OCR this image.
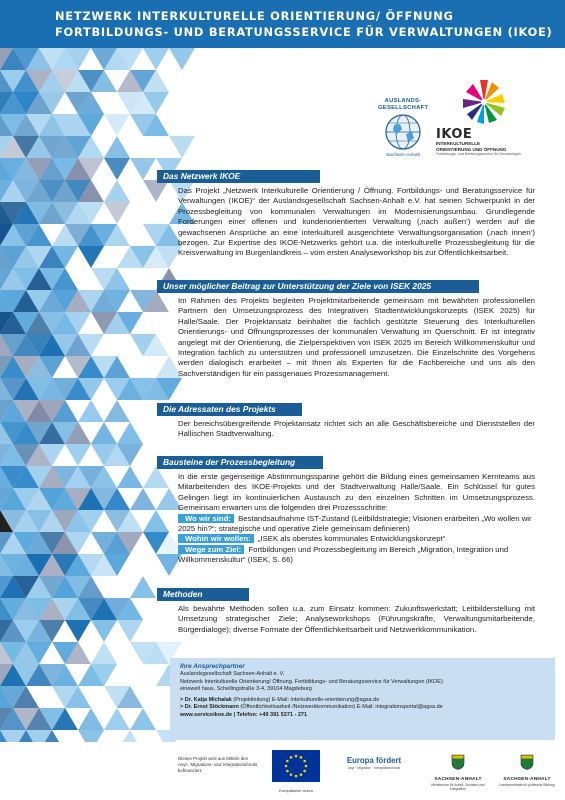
NETZWERK INTERKULTURELLE ORIENTIERUNG/ ÖFFNUNG
FORTBILDUNGS- UND BERATUNGSSERVICE FÜR VERWALTUNGEN (IKOE)
AUSLANDS-GESELLSCHAFT
Sachsen-Anhalt
IKOE
INTERKULTURELLE
ORIENTIERUNG UND ÖFFNUNG
Fortbildungs- und Beratungsservice für Verwaltungen
Das Netzwerk IKOE

Das Projekt „Netzwerk Interkulturelle Orientierung / Öffnung. Fortbildungs- und Beratungsservice für Verwaltungen (IKOE)“ der Auslandsgesellschaft Sachsen-Anhalt e.V. hat seinen Schwerpunkt in der Prozessbegleitung von kommunalen Verwaltungen im Modernisierungsumbau. Grundlegende Forderungen einer offenen und kundenorientierten Verwaltung (‚nach außen‘) werden auf die gewachsenen Ansprüche an eine interkulturell ausgerichtete Verwaltungsorganisation (‚nach innen‘) bezogen. Zur Expertise des IKOE-Netzwerks gehört u.a. die interkulturelle Prozessbegleitung für die Kreisverwaltung im Burgenlandkreis – vom ersten Analyseworkshop bis zur Öffentlichkeitsarbeit.

Unser möglicher Beitrag zur Unterstützung der Ziele von ISEK 2025

Im Rahmen des Projekts begleiten Projektmitarbeitende gemeinsam mit bewährten professionellen Partnern den Umsetzungsprozess des Integrativen Stadtentwicklungskonzepts (ISEK 2025) für Halle/Saale. Der Projektansatz beinhaltet die fachlich gestützte Steuerung des Interkulturellen Orientierungs- und Öffnungsprozesses der kommunalen Verwaltung im Querschnitt. Er ist integrativ angelegt mit der Orientierung, die Zielperspektiven von ISEK 2025 im Bereich Willkommenskultur und Integration fachlich zu unterstützen und professionell umzusetzen. Die Einzelschritte des Vorgehens werden dialogisch erarbeitet – mit Ihnen als Experten für die Fachbereiche und uns als den Sachverständigen für ein passgenaues Prozessmanagement.

Die Adressaten des Projekts

Der bereichsübergreifende Projektansatz richtet sich an alle Geschäftsbereiche und Dienststellen der Hallischen Stadtverwaltung.

Bausteine der Prozessbegleitung

In die erste gegenseitige Abstimmungsspanne gehört die Bildung eines gemeinsamen Kernteams aus Mitarbeitenden des IKOE-Projekts und der Stadtverwaltung Halle/Saale. Ein Schlüssel für gutes Gelingen liegt im kontinuierlichen Austausch zu den einzelnen Schritten im Umsetzungsprozess. Gemeinsam erwarten uns die folgenden drei Prozessschritte:

Wo wir sind: Bestandsaufnahme IST-Zustand (Leitbildstrategie; Visionen erarbeiten „Wo wollen wir 2025 hin?“; strategische und operative Ziele gemeinsam definieren)

Wohin wir wollen: „ISEK als oberstes kommunales Entwicklungskonzept“

Wege zum Ziel: Fortbildungen und Prozessbegleitung im Bereich „Migration, Integration und Willkommenskultur“ (ISEK, S. 66)

Methoden

Als bewährte Methoden sollen u.a. zum Einsatz kommen: Zukunftswerkstatt; Leitbilderstellung mit Umsetzung strategischer Ziele; Analyseworkshops (Führungskräfte, Verwaltungsmitarbeitende, Bürgerdialoge); diverse Formate der Öffentlichkeitsarbeit und Netzwerkkommunikation.

Ihre Ansprechpartner
Auslandsgesellschaft Sachsen-Anhalt e. V.
Netzwerk Interkulturelle Orientierung/ Öffnung. Fortbildungs- und Beratungsservice für Verwaltungen (IKOE)
einewelt haus, Schellingstraße 3-4, 39104 Magdeburg
> Dr. Katja Michalak (Projektleitung) E-Mail: interkulturelle-orientierung@agsa.de
> Dr. Ernst Stöckmann (Öffentlichkeitsarbeit /Netzwerkkommunikation) E-Mail: integrationsportal@agsa.de
www.serviceikoe.de | Telefon: +49 391 5371 - 271
Dieses Projekt wird aus Mitteln des Asyl-, Migrations- und Integrationsfonds kofinanziert.
Europäische Union
Europa fördert
Asyl · Migration · Integrationsfonds
SACHSEN-ANHALT
Ministerium für Arbeit, Soziales und Integration
SACHSEN-ANHALT
Landeszentrale für politische Bildung
